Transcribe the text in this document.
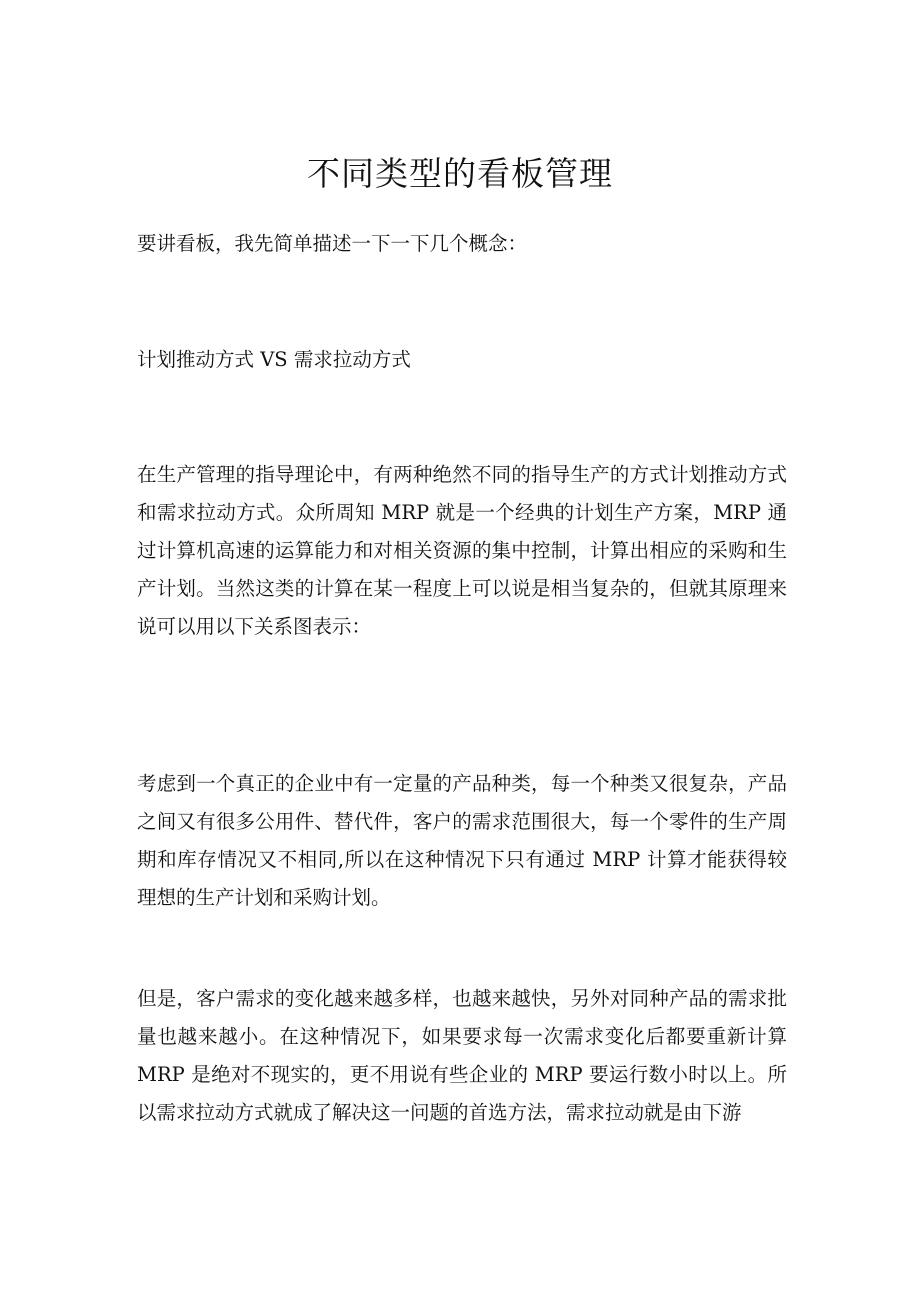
不同类型的看板管理

要讲看板，我先简单描述一下一下几个概念：

计划推动方式 VS 需求拉动方式

在生产管理的指导理论中，有两种绝然不同的指导生产的方式计划推动方式和需求拉动方式。众所周知 MRP 就是一个经典的计划生产方案，MRP 通过计算机高速的运算能力和对相关资源的集中控制，计算出相应的采购和生产计划。当然这类的计算在某一程度上可以说是相当复杂的，但就其原理来说可以用以下关系图表示：

考虑到一个真正的企业中有一定量的产品种类，每一个种类又很复杂，产品之间又有很多公用件、替代件，客户的需求范围很大，每一个零件的生产周期和库存情况又不相同,所以在这种情况下只有通过 MRP 计算才能获得较理想的生产计划和采购计划。

但是，客户需求的变化越来越多样，也越来越快，另外对同种产品的需求批量也越来越小。在这种情况下，如果要求每一次需求变化后都要重新计算 MRP 是绝对不现实的，更不用说有些企业的 MRP 要运行数小时以上。所以需求拉动方式就成了解决这一问题的首选方法，需求拉动就是由下游
